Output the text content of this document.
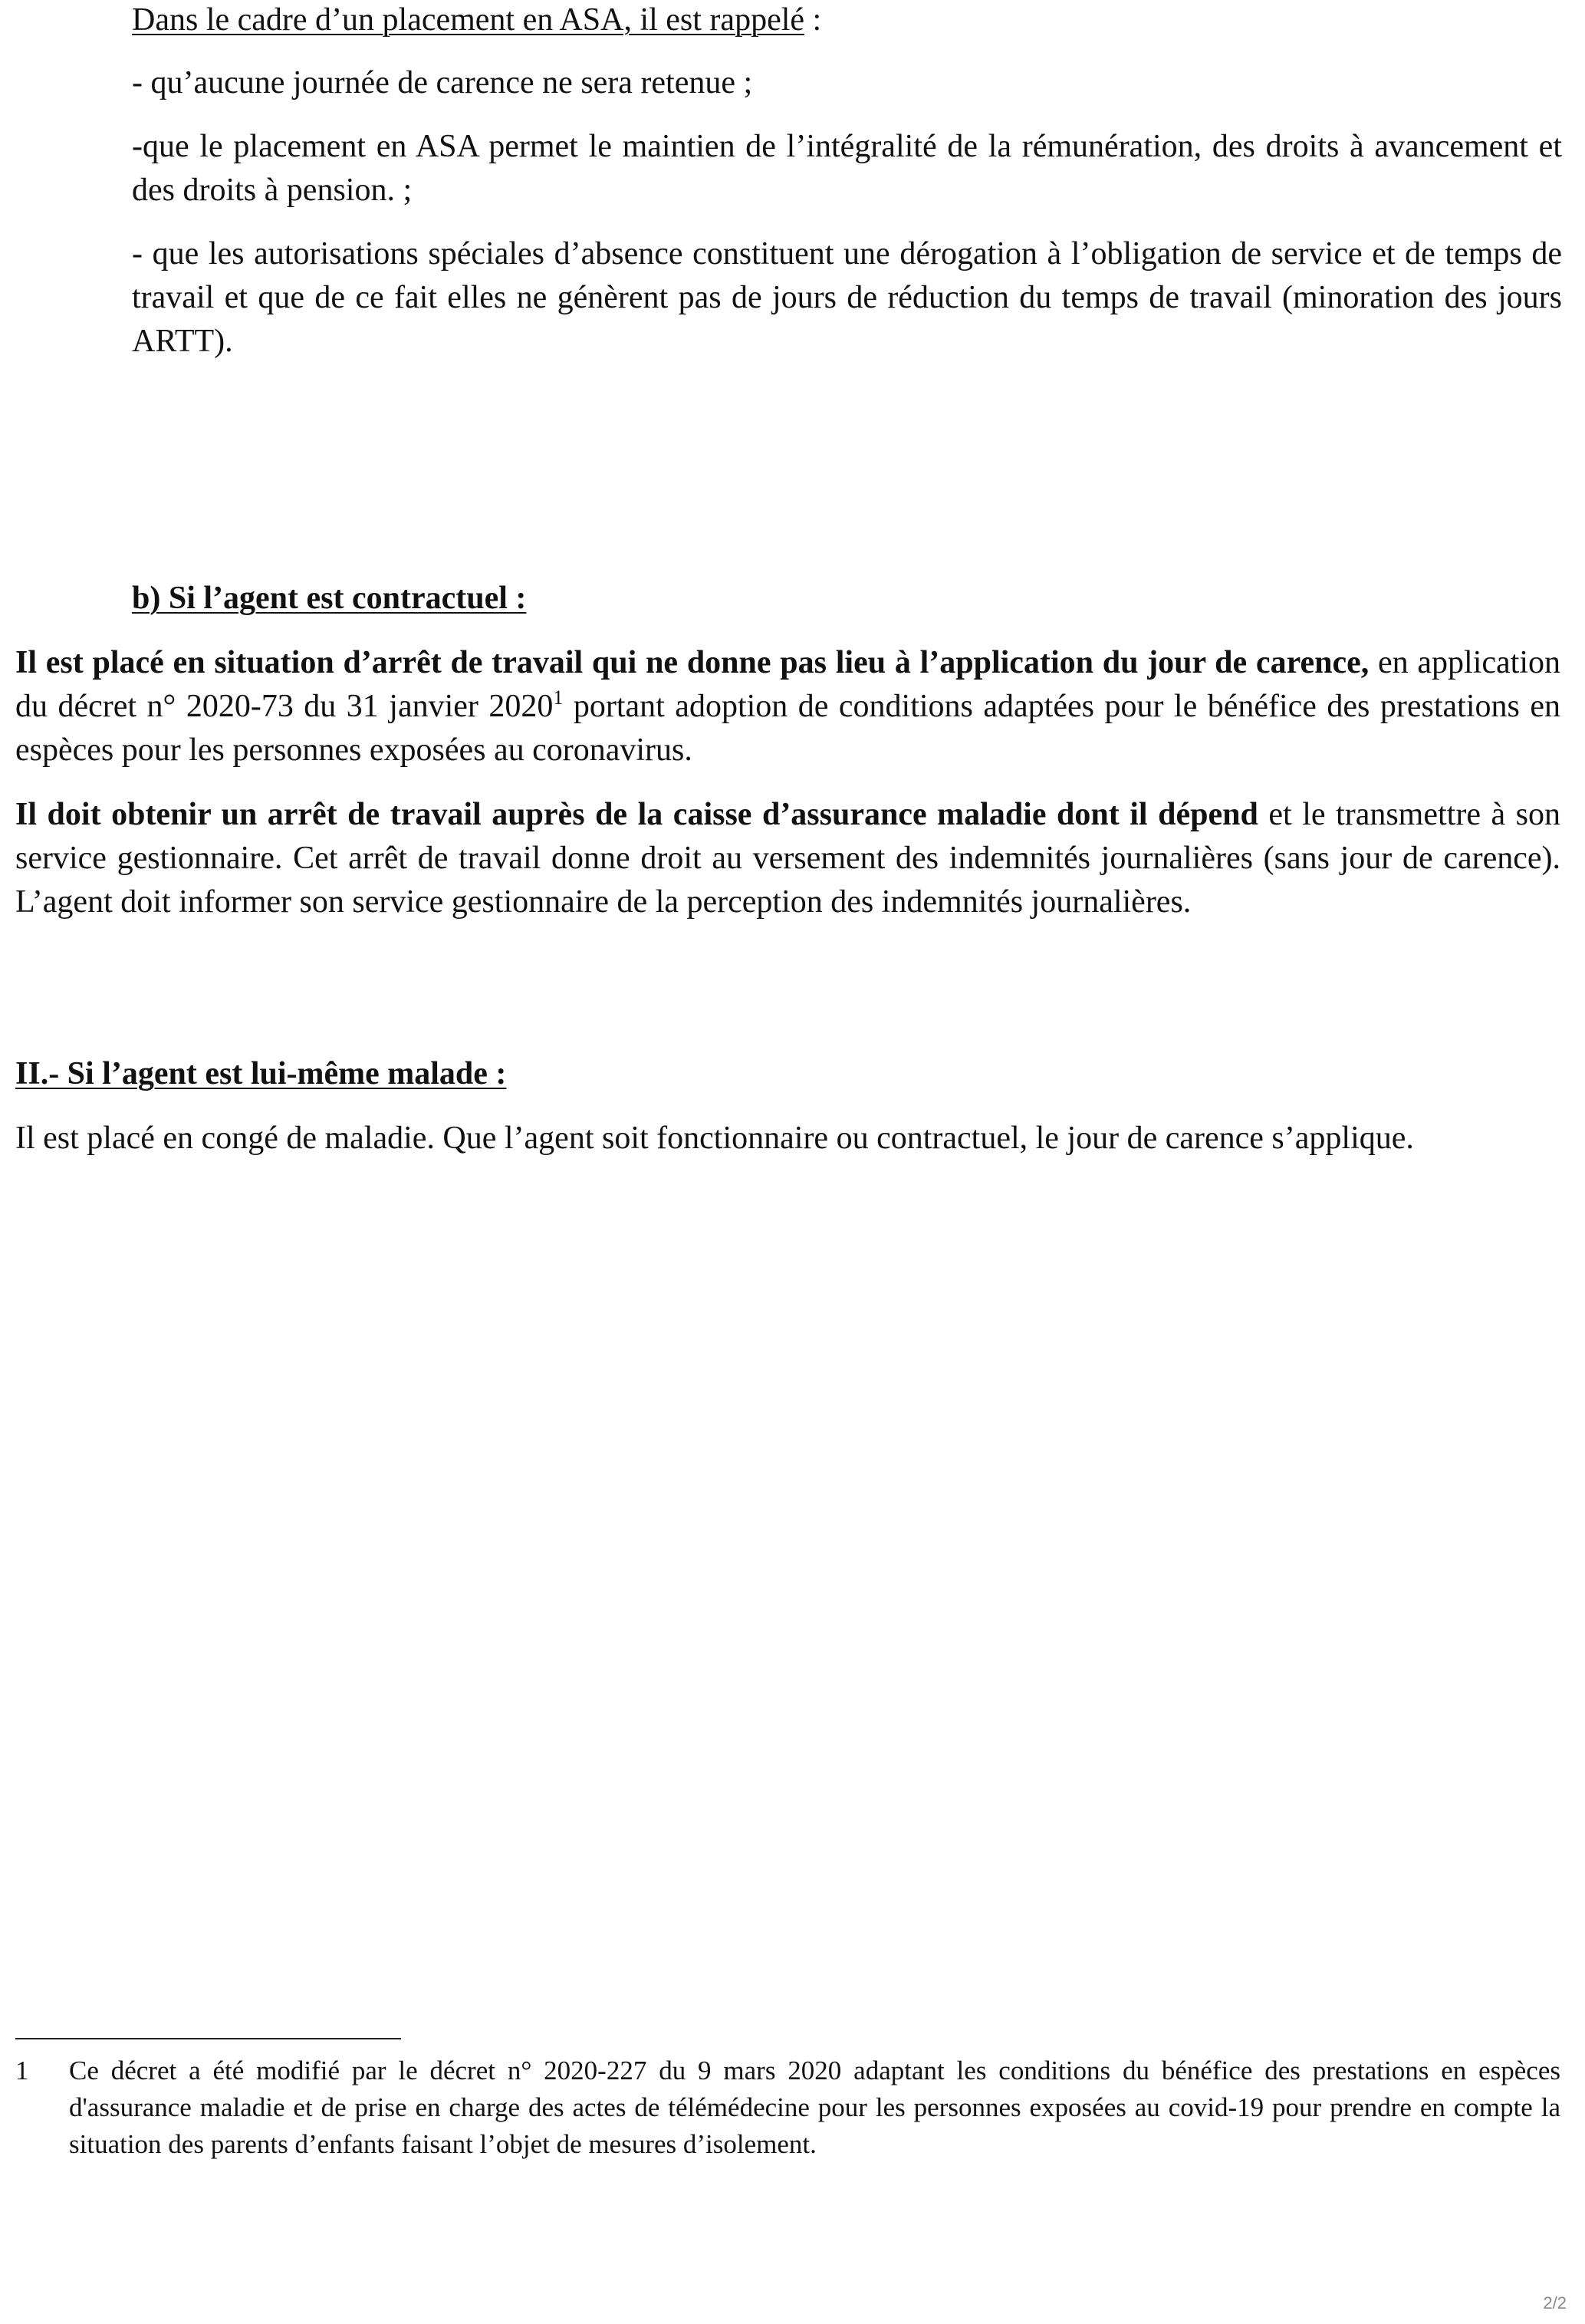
Dans le cadre d’un placement en ASA, il est rappelé :

- qu’aucune journée de carence ne sera retenue ;

-que le placement en ASA permet le maintien de l’intégralité de la rémunération, des droits à avancement et des droits à pension. ;

- que les autorisations spéciales d’absence constituent une dérogation à l’obligation de service et de temps de travail et que de ce fait elles ne génèrent pas de jours de réduction du temps de travail (minoration des jours ARTT).

b) Si l’agent est contractuel :

Il est placé en situation d’arrêt de travail qui ne donne pas lieu à l’application du jour de carence, en application du décret n° 2020-73 du 31 janvier 2020$^1$ portant adoption de conditions adaptées pour le bénéfice des prestations en espèces pour les personnes exposées au coronavirus.

Il doit obtenir un arrêt de travail auprès de la caisse d’assurance maladie dont il dépend et le transmettre à son service gestionnaire. Cet arrêt de travail donne droit au versement des indemnités journalières (sans jour de carence). L’agent doit informer son service gestionnaire de la perception des indemnités journalières.

II.- Si l’agent est lui-même malade :

Il est placé en congé de maladie. Que l’agent soit fonctionnaire ou contractuel, le jour de carence s’applique.

1	Ce décret a été modifié par le décret n° 2020-227 du 9 mars 2020 adaptant les conditions du bénéfice des prestations en espèces d'assurance maladie et de prise en charge des actes de télémédecine pour les personnes exposées au covid-19 pour prendre en compte la situation des parents d’enfants faisant l’objet de mesures d’isolement.
2/2
